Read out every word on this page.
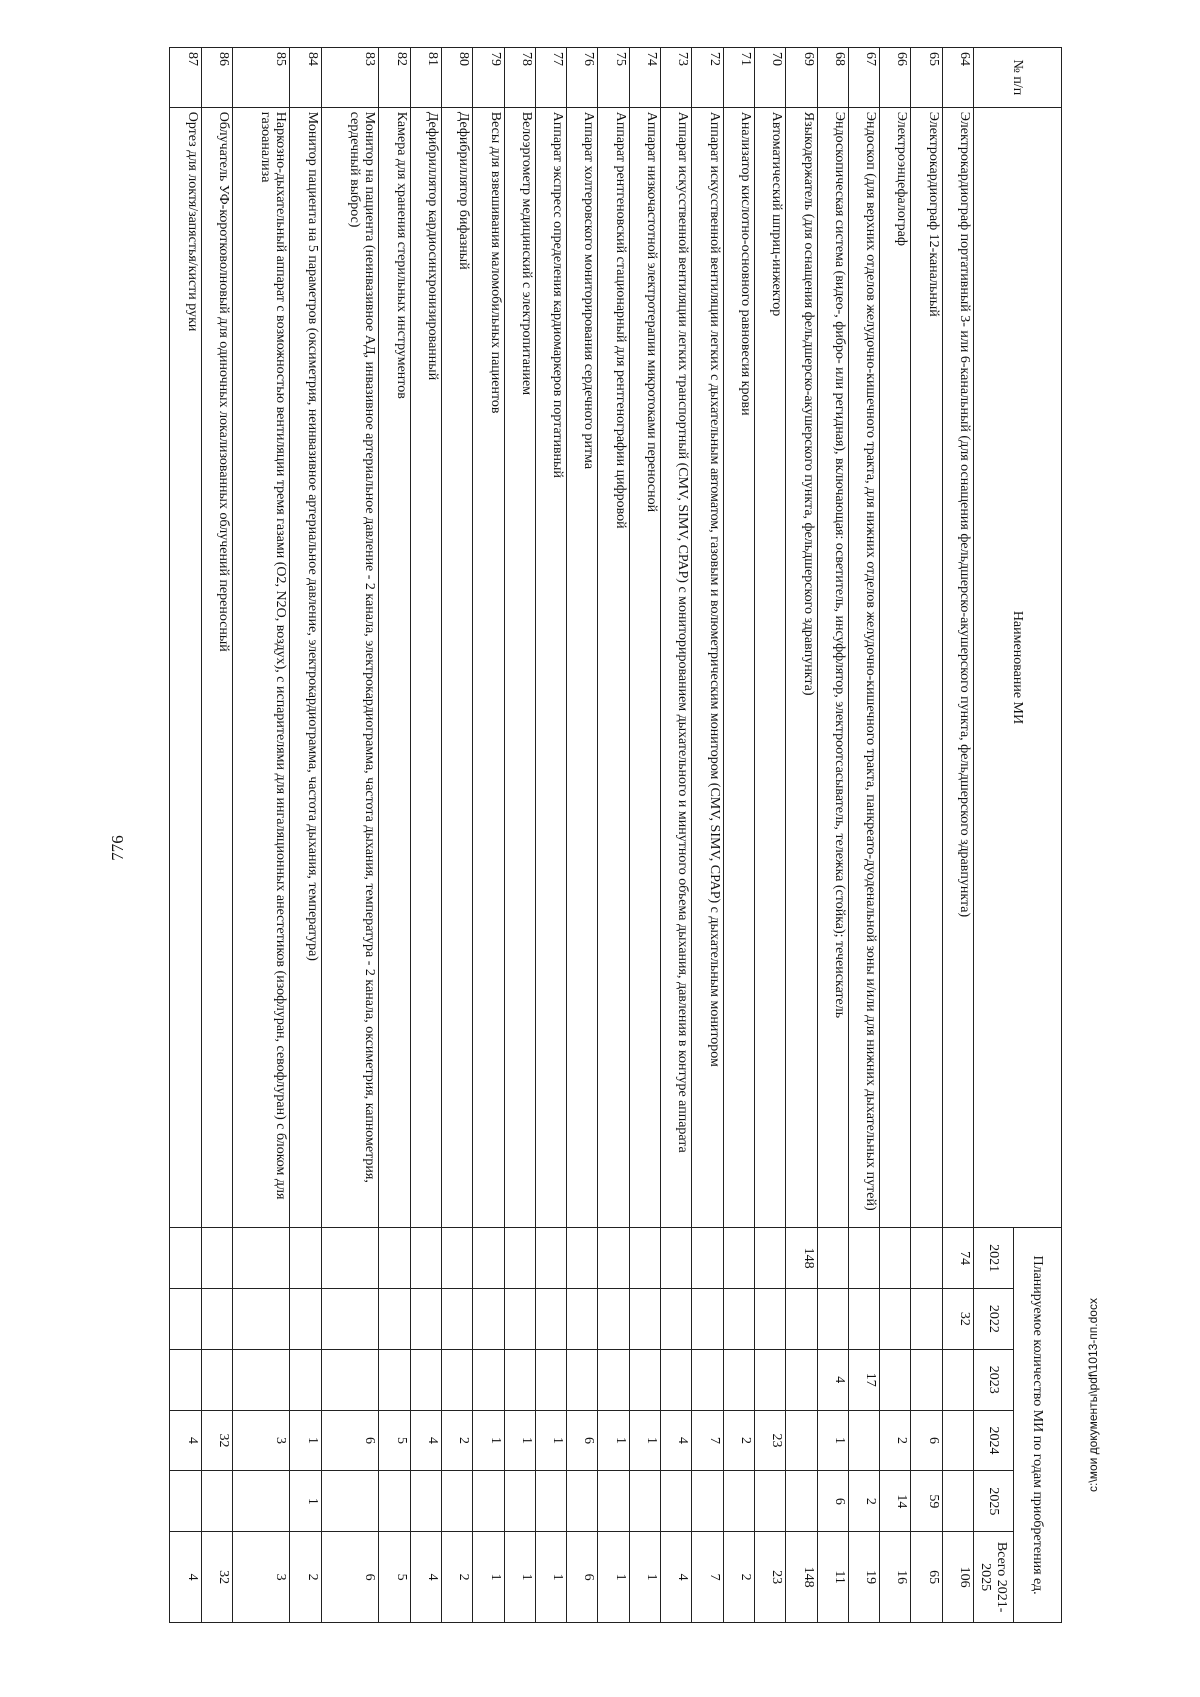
776
№ п/п	Наименование МИ	Планируемое количество МИ по годам приобретения ед.					
		2021	2022	2023	2024	2025	Всего 2021-2025
64	Электрокардиограф портативный 3- или 6-канальный (для оснащения фельдшерско-акушерского пункта, фельдшерского здравпункта)	74	32				106
65	Электрокардиограф 12-канальный				6	59	65
66	Электроэнцефалограф				2	14	16
67	Эндоскоп (для верхних отделов желудочно-кишечного тракта, для нижних отделов желудочно-кишечного тракта, панкреато-дуоденальной зоны и/или для нижних дыхательных путей)			17		2	19
68	Эндоскопическая система (видео-, фибро- или регидная), включающая: осветитель, инсуффлятор, электроотсасыватель, тележка (стойка); течеискатель			4	1	6	11
69	Языкодержатель (для оснащения фельдшерско-акушерского пункта, фельдшерского здравпункта)	148					148
70	Автоматический шприц-инжектор				23		23
71	Анализатор кислотно-основного равновесия крови				2		2
72	Аппарат искусственной вентиляции легких с дыхательным автоматом, газовым и волюметрическим монитором (CMV, SIMV, CPAP) с дыхательным монитором				7		7
73	Аппарат искусственной вентиляции легких транспортный (CMV, SIMV, CPAP) с мониторированием дыхательного и минутного объема дыхания, давления в контуре аппарата				4		4
74	Аппарат низкочастотной электротерапии микротоками переносной				1		1
75	Аппарат рентгеновский стационарный для рентгенографии цифровой				1		1
76	Аппарат холтеровского мониторирования сердечного ритма				6		6
77	Аппарат экспресс определения кардиомаркеров портативный				1		1
78	Велоэргометр медицинский с электропитанием				1		1
79	Весы для взвешивания маломобильных пациентов				1		1
80	Дефибриллятор бифазный				2		2
81	Дефибриллятор кардиосинхронизированный				4		4
82	Камера для хранения стерильных инструментов				5		5
83	Монитор на пациента (неинвазивное АД, инвазивное артериальное давление - 2 канала, электрокардиограмма, частота дыхания, температура - 2 канала, оксиметрия, капнометрия, сердечный выброс)				6		6
84	Монитор пациента на 5 параметров (оксиметрия, неинвазивное артериальное давление, электрокардиограмма, частота дыхания, температура)				1	1	2
85	Наркозно-дыхательный аппарат с возможностью вентиляции тремя газами (O2, N2O, воздух), с испарителями для ингаляционных анестетиков (изофлуран, севофлуран) с блоком для газоанализа				3		3
86	Облучатель УФ-коротковолновый для одиночных локализованных облучений переносный				32		32
87	Ортез для локтя/запястья/кисти руки				4		4
c:\мои документы\pdf\1013-пп.docx
